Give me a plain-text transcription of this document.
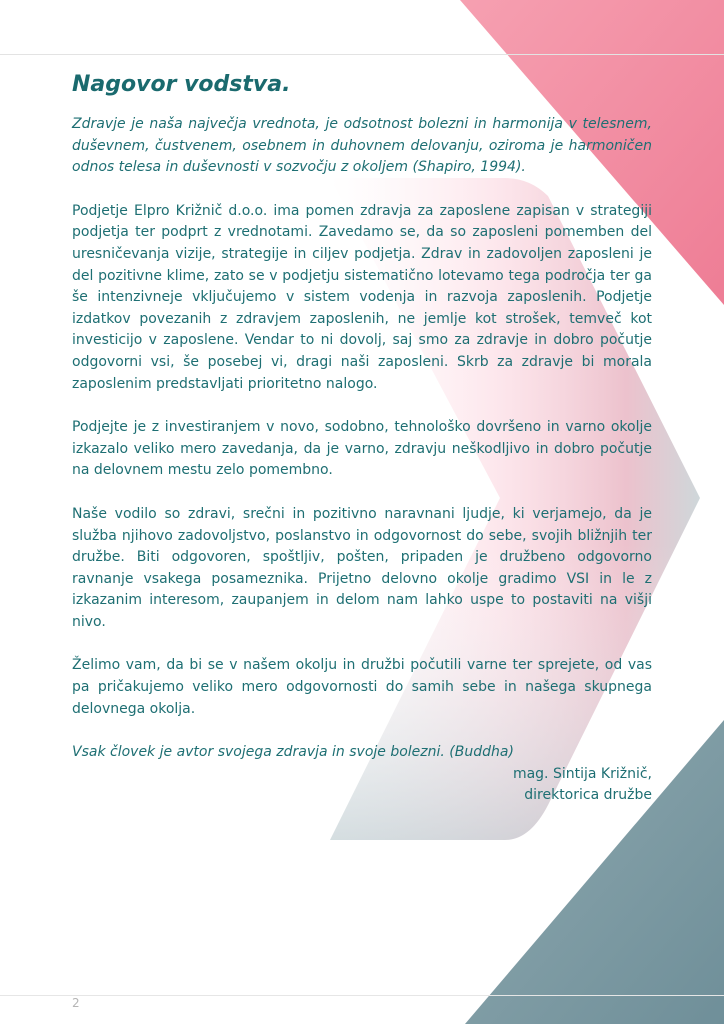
Nagovor vodstva.

Zdravje je naša največja vrednota, je odsotnost bolezni in harmonija v telesnem, duševnem, čustvenem, osebnem in duhovnem delovanju, oziroma je harmoničen odnos telesa in duševnosti v sozvočju z okoljem (Shapiro, 1994).

Podjetje Elpro Križnič d.o.o. ima pomen zdravja za zaposlene zapisan v strategiji podjetja ter podprt z vrednotami. Zavedamo se, da so zaposleni pomemben del uresničevanja vizije, strategije in ciljev podjetja. Zdrav in zadovoljen zaposleni je del pozitivne klime, zato se v podjetju sistematično lotevamo tega področja ter ga še intenzivneje vključujemo v sistem vodenja in razvoja zaposlenih. Podjetje izdatkov povezanih z zdravjem zaposlenih, ne jemlje kot strošek, temveč kot investicijo v zaposlene. Vendar to ni dovolj, saj smo za zdravje in dobro počutje odgovorni vsi, še posebej vi, dragi naši zaposleni. Skrb za zdravje bi morala zaposlenim predstavljati prioritetno nalogo.

Podjejte je z investiranjem v novo, sodobno, tehnološko dovršeno in varno okolje izkazalo veliko mero zavedanja, da je varno, zdravju neškodljivo in dobro počutje na delovnem mestu zelo pomembno.

Naše vodilo so zdravi, srečni in pozitivno naravnani ljudje, ki verjamejo, da je služba njihovo zadovoljstvo, poslanstvo in odgovornost do sebe, svojih bližnjih ter družbe. Biti odgovoren, spoštljiv, pošten, pripaden je družbeno odgovorno ravnanje vsakega posameznika. Prijetno delovno okolje gradimo VSI in le z izkazanim interesom, zaupanjem in delom nam lahko uspe to postaviti na višji nivo.

Želimo vam, da bi se v našem okolju in družbi počutili varne ter sprejete, od vas pa pričakujemo veliko mero odgovornosti do samih sebe in našega skupnega delovnega okolja.

Vsak človek je avtor svojega zdravja in svoje bolezni. (Buddha)

mag. Sintija Križnič,
direktorica družbe
2
